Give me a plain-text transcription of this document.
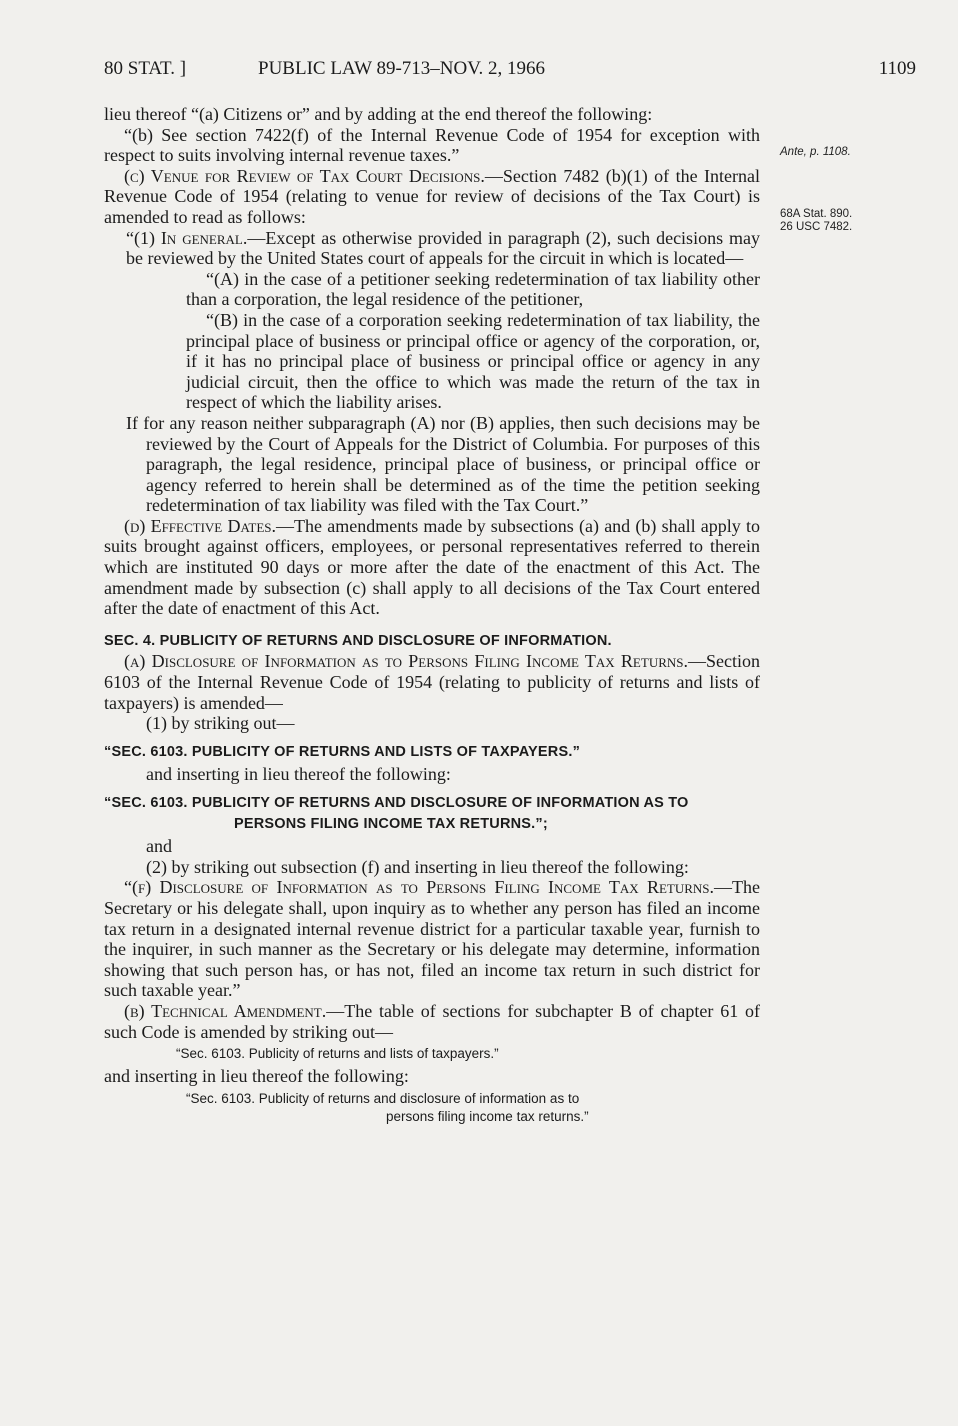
80 STAT. ]	PUBLIC LAW 89-713–NOV. 2, 1966	1109
Ante, p. 1108.
68A Stat. 890.
26 USC 7482.

lieu thereof “(a) Citizens or” and by adding at the end thereof the following:

“(b) See section 7422(f) of the Internal Revenue Code of 1954 for exception with respect to suits involving internal revenue taxes.”

(c) Venue for Review of Tax Court Decisions.—Section 7482 (b)(1) of the Internal Revenue Code of 1954 (relating to venue for review of decisions of the Tax Court) is amended to read as follows:

“(1) In general.—Except as otherwise provided in paragraph (2), such decisions may be reviewed by the United States court of appeals for the circuit in which is located—

“(A) in the case of a petitioner seeking redetermination of tax liability other than a corporation, the legal residence of the petitioner,

“(B) in the case of a corporation seeking redetermination of tax liability, the principal place of business or principal office or agency of the corporation, or, if it has no principal place of business or principal office or agency in any judicial circuit, then the office to which was made the return of the tax in respect of which the liability arises.

If for any reason neither subparagraph (A) nor (B) applies, then such decisions may be reviewed by the Court of Appeals for the District of Columbia. For purposes of this paragraph, the legal residence, principal place of business, or principal office or agency referred to herein shall be determined as of the time the petition seeking redetermination of tax liability was filed with the Tax Court.”

(d) Effective Dates.—The amendments made by subsections (a) and (b) shall apply to suits brought against officers, employees, or personal representatives referred to therein which are instituted 90 days or more after the date of the enactment of this Act. The amendment made by subsection (c) shall apply to all decisions of the Tax Court entered after the date of enactment of this Act.

SEC. 4. PUBLICITY OF RETURNS AND DISCLOSURE OF INFORMATION.

(a) Disclosure of Information as to Persons Filing Income Tax Returns.—Section 6103 of the Internal Revenue Code of 1954 (relating to publicity of returns and lists of taxpayers) is amended—

(1) by striking out—

“SEC. 6103. PUBLICITY OF RETURNS AND LISTS OF TAXPAYERS.”

and inserting in lieu thereof the following:

“SEC. 6103. PUBLICITY OF RETURNS AND DISCLOSURE OF INFORMATION AS TO PERSONS FILING INCOME TAX RETURNS.”;

and

(2) by striking out subsection (f) and inserting in lieu thereof the following:

“(f) Disclosure of Information as to Persons Filing Income Tax Returns.—The Secretary or his delegate shall, upon inquiry as to whether any person has filed an income tax return in a designated internal revenue district for a particular taxable year, furnish to the inquirer, in such manner as the Secretary or his delegate may determine, information showing that such person has, or has not, filed an income tax return in such district for such taxable year.”

(b) Technical Amendment.—The table of sections for subchapter B of chapter 61 of such Code is amended by striking out—

“Sec. 6103. Publicity of returns and lists of taxpayers.”

and inserting in lieu thereof the following:

“Sec. 6103. Publicity of returns and disclosure of information as to
persons filing income tax returns.”
